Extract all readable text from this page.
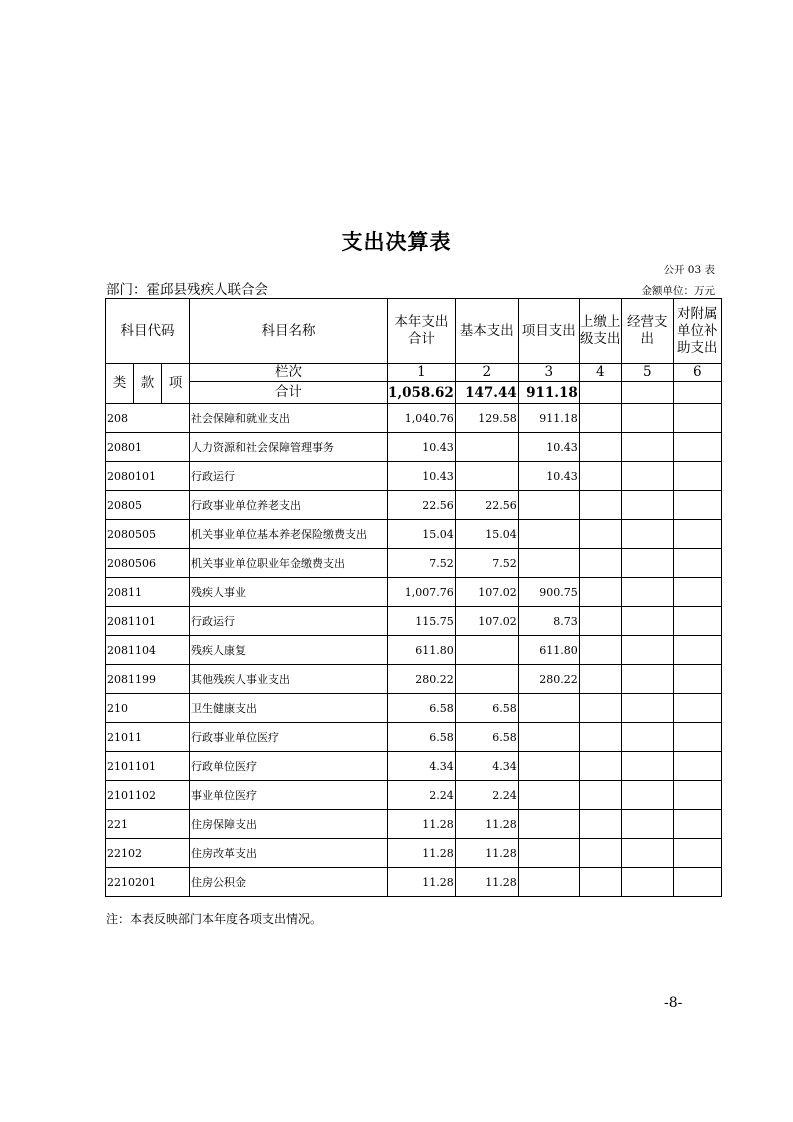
支出决算表
公开 03 表
部门：霍邱县残疾人联合会	金额单位：万元
科目代码			科目名称	本年支出合计	基本支出	项目支出	上缴上级支出	经营支出	对附属单位补助支出
类	款	项	栏次	1	2	3	4	5	6
			合计	1,058.62	147.44	911.18			
208			社会保障和就业支出	1,040.76	129.58	911.18			
20801			人力资源和社会保障管理事务	10.43		10.43			
2080101			行政运行	10.43		10.43			
20805			行政事业单位养老支出	22.56	22.56				
2080505			机关事业单位基本养老保险缴费支出	15.04	15.04				
2080506			机关事业单位职业年金缴费支出	7.52	7.52				
20811			残疾人事业	1,007.76	107.02	900.75			
2081101			行政运行	115.75	107.02	8.73			
2081104			残疾人康复	611.80		611.80			
2081199			其他残疾人事业支出	280.22		280.22			
210			卫生健康支出	6.58	6.58				
21011			行政事业单位医疗	6.58	6.58				
2101101			行政单位医疗	4.34	4.34				
2101102			事业单位医疗	2.24	2.24				
221			住房保障支出	11.28	11.28				
22102			住房改革支出	11.28	11.28				
2210201			住房公积金	11.28	11.28				
注：本表反映部门本年度各项支出情况。
-8-
